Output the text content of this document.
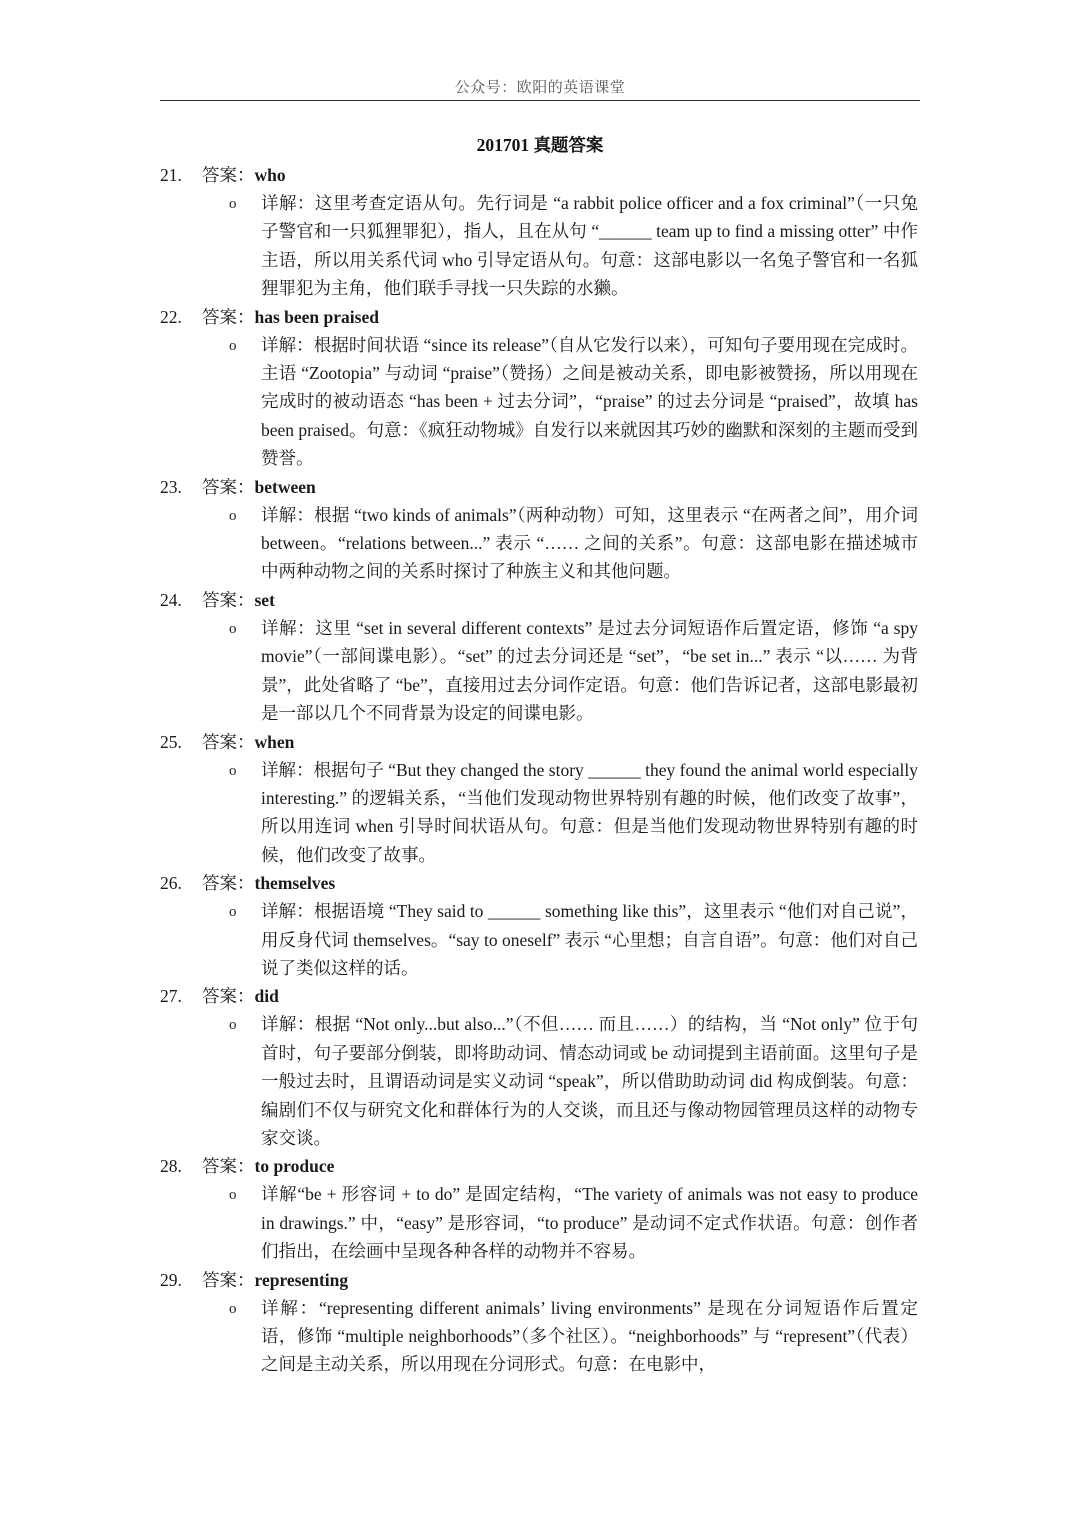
公众号：欧阳的英语课堂
201701 真题答案
21. 答案：who
o 详解：这里考查定语从句。先行词是 “a rabbit police officer and a fox criminal”（一只兔子警官和一只狐狸罪犯），指人，且在从句 “______ team up to find a missing otter” 中作主语，所以用关系代词 who 引导定语从句。句意：这部电影以一名兔子警官和一名狐狸罪犯为主角，他们联手寻找一只失踪的水獭。
22. 答案：has been praised
o 详解：根据时间状语 “since its release”（自从它发行以来），可知句子要用现在完成时。主语 “Zootopia” 与动词 “praise”（赞扬）之间是被动关系，即电影被赞扬，所以用现在完成时的被动语态 “has been + 过去分词”，“praise” 的过去分词是 “praised”，故填 has been praised。句意：《疯狂动物城》自发行以来就因其巧妙的幽默和深刻的主题而受到赞誉。
23. 答案：between
o 详解：根据 “two kinds of animals”（两种动物）可知，这里表示 “在两者之间”，用介词 between。“relations between...” 表示 “…… 之间的关系”。句意：这部电影在描述城市中两种动物之间的关系时探讨了种族主义和其他问题。
24. 答案：set
o 详解：这里 “set in several different contexts” 是过去分词短语作后置定语，修饰 “a spy movie”（一部间谍电影）。“set” 的过去分词还是 “set”，“be set in...” 表示 “以…… 为背景”，此处省略了 “be”，直接用过去分词作定语。句意：他们告诉记者，这部电影最初是一部以几个不同背景为设定的间谍电影。
25. 答案：when
o 详解：根据句子 “But they changed the story ______ they found the animal world especially interesting.” 的逻辑关系，“当他们发现动物世界特别有趣的时候，他们改变了故事”，所以用连词 when 引导时间状语从句。句意：但是当他们发现动物世界特别有趣的时候，他们改变了故事。
26. 答案：themselves
o 详解：根据语境 “They said to ______ something like this”，这里表示 “他们对自己说”，用反身代词 themselves。“say to oneself” 表示 “心里想；自言自语”。句意：他们对自己说了类似这样的话。
27. 答案：did
o 详解：根据 “Not only...but also...”（不但…… 而且……）的结构，当 “Not only” 位于句首时，句子要部分倒装，即将助动词、情态动词或 be 动词提到主语前面。这里句子是一般过去时，且谓语动词是实义动词 “speak”，所以借助助动词 did 构成倒装。句意：编剧们不仅与研究文化和群体行为的人交谈，而且还与像动物园管理员这样的动物专家交谈。
28. 答案：to produce
o 详解“be + 形容词 + to do” 是固定结构，“The variety of animals was not easy to produce in drawings.” 中，“easy” 是形容词，“to produce” 是动词不定式作状语。句意：创作者们指出，在绘画中呈现各种各样的动物并不容易。
29. 答案：representing
o 详解：“representing different animals’ living environments” 是现在分词短语作后置定语，修饰 “multiple neighborhoods”（多个社区）。“neighborhoods” 与 “represent”（代表）之间是主动关系，所以用现在分词形式。句意：在电影中，
